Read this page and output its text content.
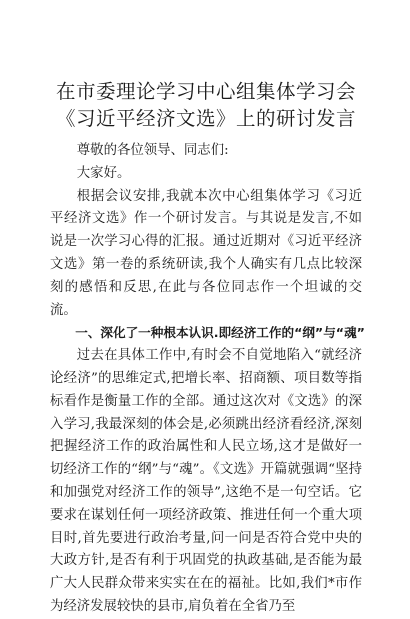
在市委理论学习中心组集体学习会《习近平经济文选》上的研讨发言

尊敬的各位领导、同志们:

大家好。

根据会议安排,我就本次中心组集体学习《习近平经济文选》作一个研讨发言。与其说是发言,不如说是一次学习心得的汇报。通过近期对《习近平经济文选》第一卷的系统研读,我个人确实有几点比较深刻的感悟和反思,在此与各位同志作一个坦诚的交流。

一、深化了一种根本认识.即经济工作的“纲”与“魂”

过去在具体工作中,有时会不自觉地陷入“就经济论经济”的思维定式,把增长率、招商额、项目数等指标看作是衡量工作的全部。通过这次对《文选》的深入学习,我最深刻的体会是,必须跳出经济看经济,深刻把握经济工作的政治属性和人民立场,这才是做好一切经济工作的“纲”与“魂”。《文选》开篇就强调“坚持和加强党对经济工作的领导”,这绝不是一句空话。它要求在谋划任何一项经济政策、推进任何一个重大项目时,首先要进行政治考量,问一问是否符合党中央的大政方针,是否有利于巩固党的执政基础,是否能为最广大人民群众带来实实在在的福祉。比如,我们*市作为经济发展较快的县市,肩负着在全省乃至
